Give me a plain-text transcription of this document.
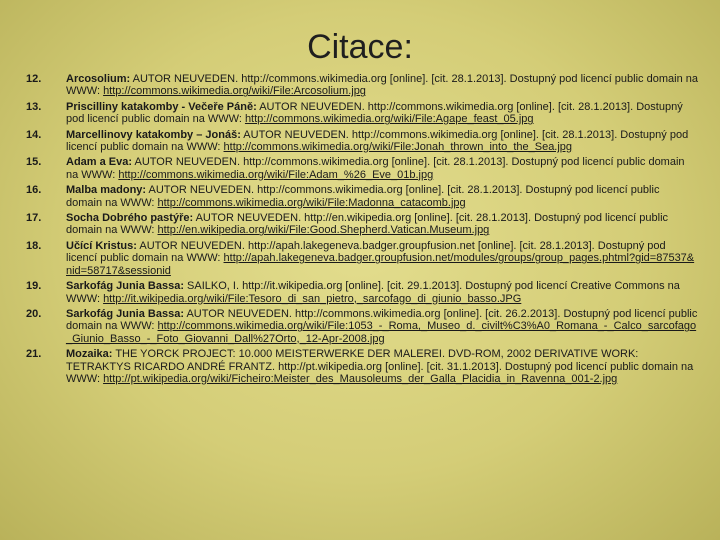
Citace:
12. Arcosolium: AUTOR NEUVEDEN. http://commons.wikimedia.org [online]. [cit. 28.1.2013]. Dostupný pod licencí public domain na WWW: http://commons.wikimedia.org/wiki/File:Arcosolium.jpg
13. Priscilliny katakomby - Večeře Páně: AUTOR NEUVEDEN. http://commons.wikimedia.org [online]. [cit. 28.1.2013]. Dostupný pod licencí public domain na WWW: http://commons.wikimedia.org/wiki/File:Agape_feast_05.jpg
14. Marcellinovy katakomby – Jonáš: AUTOR NEUVEDEN. http://commons.wikimedia.org [online]. [cit. 28.1.2013]. Dostupný pod licencí public domain na WWW: http://commons.wikimedia.org/wiki/File:Jonah_thrown_into_the_Sea.jpg
15. Adam a Eva: AUTOR NEUVEDEN. http://commons.wikimedia.org [online]. [cit. 28.1.2013]. Dostupný pod licencí public domain na WWW: http://commons.wikimedia.org/wiki/File:Adam_%26_Eve_01b.jpg
16. Malba madony: AUTOR NEUVEDEN. http://commons.wikimedia.org [online]. [cit. 28.1.2013]. Dostupný pod licencí public domain na WWW: http://commons.wikimedia.org/wiki/File:Madonna_catacomb.jpg
17. Socha Dobrého pastýře: AUTOR NEUVEDEN. http://en.wikipedia.org [online]. [cit. 28.1.2013]. Dostupný pod licencí public domain na WWW: http://en.wikipedia.org/wiki/File:Good.Shepherd.Vatican.Museum.jpg
18. Učící Kristus: AUTOR NEUVEDEN. http://apah.lakegeneva.badger.groupfusion.net [online]. [cit. 28.1.2013]. Dostupný pod licencí public domain na WWW: http://apah.lakegeneva.badger.groupfusion.net/modules/groups/group_pages.phtml?gid=87537&nid=58717&sessionid
19. Sarkofág Junia Bassa: SAILKO, I. http://it.wikipedia.org [online]. [cit. 29.1.2013]. Dostupný pod licencí Creative Commons na WWW: http://it.wikipedia.org/wiki/File:Tesoro_di_san_pietro,_sarcofago_di_giunio_basso.JPG
20. Sarkofág Junia Bassa: AUTOR NEUVEDEN. http://commons.wikimedia.org [online]. [cit. 26.2.2013]. Dostupný pod licencí public domain na WWW: http://commons.wikimedia.org/wiki/File:1053_-_Roma,_Museo_d._civilt%C3%A0_Romana_-_Calco_sarcofago_Giunio_Basso_-_Foto_Giovanni_Dall%27Orto,_12-Apr-2008.jpg
21. Mozaika: THE YORCK PROJECT: 10.000 MEISTERWERKE DER MALEREI. DVD-ROM, 2002 DERIVATIVE WORK: TETRAKTYS RICARDO ANDRÉ FRANTZ. http://pt.wikipedia.org [online]. [cit. 31.1.2013]. Dostupný pod licencí public domain na WWW: http://pt.wikipedia.org/wiki/Ficheiro:Meister_des_Mausoleums_der_Galla_Placidia_in_Ravenna_001-2.jpg
